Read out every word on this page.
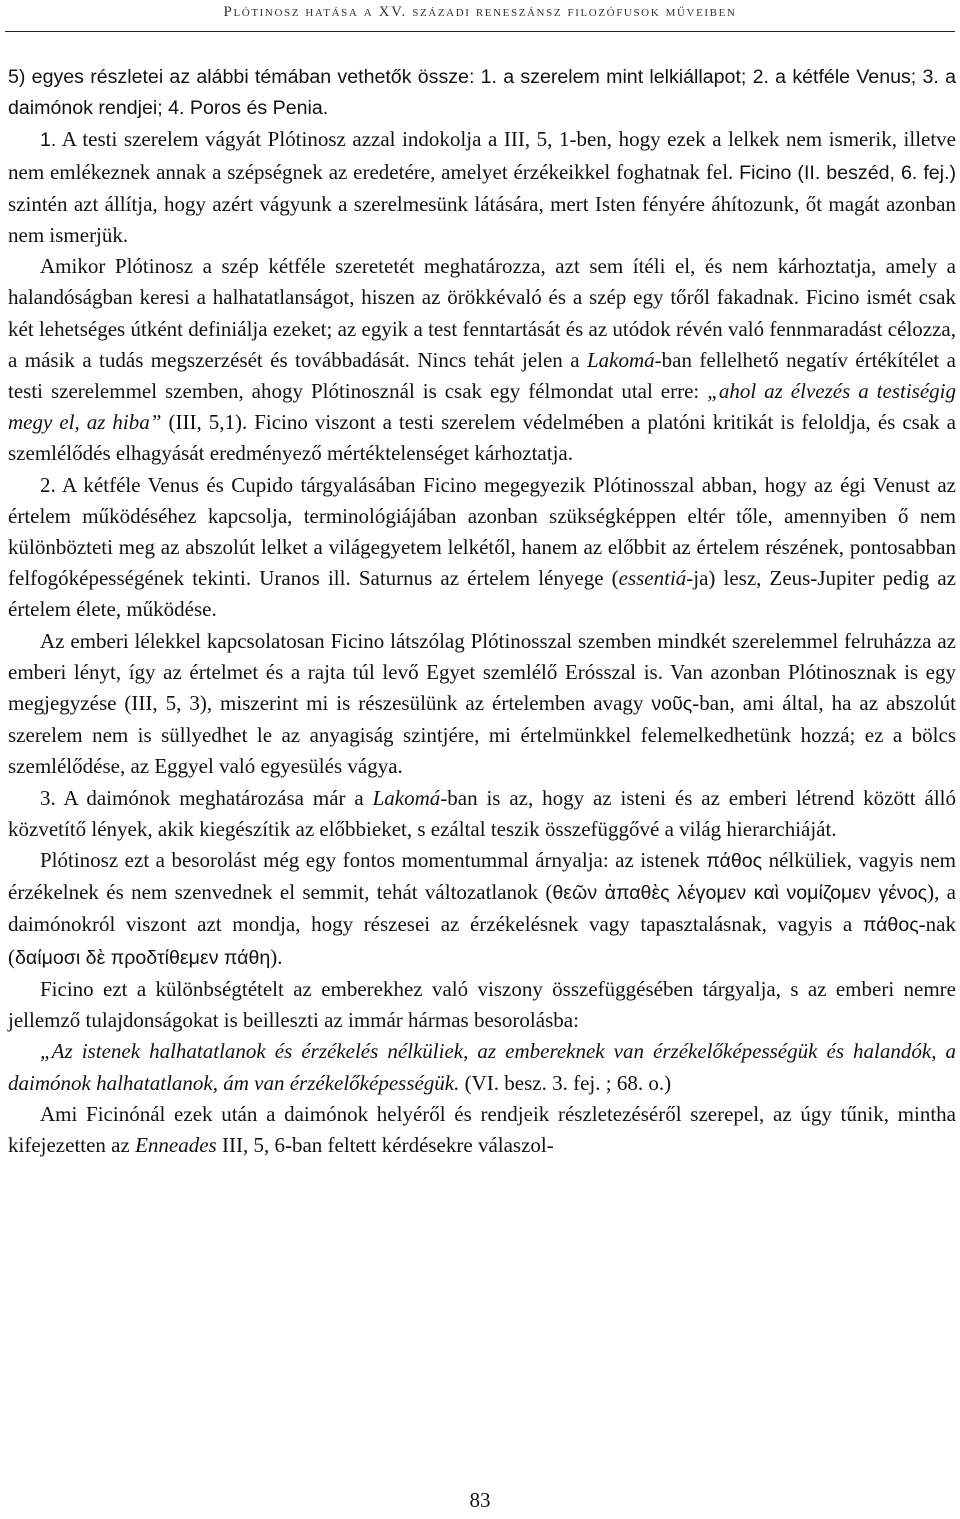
Plótinosz hatása a XV. századi reneszánsz filozófusok műveiben

5) egyes részletei az alábbi témában vethetők össze: 1. a szerelem mint lelkiállapot; 2. a kétféle Venus; 3. a daimónok rendjei; 4. Poros és Penia.

1. A testi szerelem vágyát Plótinosz azzal indokolja a III, 5, 1-ben, hogy ezek a lelkek nem ismerik, illetve nem emlékeznek annak a szépségnek az eredetére, amelyet érzékeikkel foghatnak fel. Ficino (II. beszéd, 6. fej.) szintén azt állítja, hogy azért vágyunk a szerelmesünk látására, mert Isten fényére áhítozunk, őt magát azonban nem ismerjük.

Amikor Plótinosz a szép kétféle szeretetét meghatározza, azt sem ítéli el, és nem kárhoztatja, amely a halandóságban keresi a halhatatlanságot, hiszen az örökkévaló és a szép egy tőről fakadnak. Ficino ismét csak két lehetséges útként definiálja ezeket; az egyik a test fenntartását és az utódok révén való fennmaradást célozza, a másik a tudás megszerzését és továbbadását. Nincs tehát jelen a Lakomá-ban fellelhető negatív értékítélet a testi szerelemmel szemben, ahogy Plótinosznál is csak egy félmondat utal erre: „ahol az élvezés a testiségig megy el, az hiba” (III, 5,1). Ficino viszont a testi szerelem védelmében a platóni kritikát is feloldja, és csak a szemlélődés elhagyását eredményező mértéktelenséget kárhoztatja.

2. A kétféle Venus és Cupido tárgyalásában Ficino megegyezik Plótinosszal abban, hogy az égi Venust az értelem működéséhez kapcsolja, terminológiájában azonban szükségképpen eltér tőle, amennyiben ő nem különbözteti meg az abszolút lelket a világegyetem lelkétől, hanem az előbbit az értelem részének, pontosabban felfogóképességének tekinti. Uranos ill. Saturnus az értelem lényege (essentiá-ja) lesz, Zeus-Jupiter pedig az értelem élete, működése.

Az emberi lélekkel kapcsolatosan Ficino látszólag Plótinosszal szemben mindkét szerelemmel felruházza az emberi lényt, így az értelmet és a rajta túl levő Egyet szemlélő Erósszal is. Van azonban Plótinosznak is egy megjegyzése (III, 5, 3), miszerint mi is részesülünk az értelemben avagy νοῦς-ban, ami által, ha az abszolút szerelem nem is süllyedhet le az anyagiság szintjére, mi értelmünkkel felemelkedhetünk hozzá; ez a bölcs szemlélődése, az Eggyel való egyesülés vágya.

3. A daimónok meghatározása már a Lakomá-ban is az, hogy az isteni és az emberi létrend között álló közvetítő lények, akik kiegészítik az előbbieket, s ezáltal teszik összefüggővé a világ hierarchiáját.

Plótinosz ezt a besorolást még egy fontos momentummal árnyalja: az istenek πάθος nélküliek, vagyis nem érzékelnek és nem szenvednek el semmit, tehát változatlanok (θεῶν ἀπαθὲς λέγομεν καὶ νομίζομεν γένος), a daimónokról viszont azt mondja, hogy részesei az érzékelésnek vagy tapasztalásnak, vagyis a πάθος-nak (δαίμοσι δὲ προδτίθεμεν πάθη).

Ficino ezt a különbségtételt az emberekhez való viszony összefüggésében tárgyalja, s az emberi nemre jellemző tulajdonságokat is beilleszti az immár hármas besorolásba:

„Az istenek halhatatlanok és érzékelés nélküliek, az embereknek van érzékelőképességük és halandók, a daimónok halhatatlanok, ám van érzékelőképességük. (VI. besz. 3. fej. ; 68. o.)

Ami Ficinónál ezek után a daimónok helyéről és rendjeik részletezéséről szerepel, az úgy tűnik, mintha kifejezetten az Enneades III, 5, 6-ban feltett kérdésekre válaszol-

83
